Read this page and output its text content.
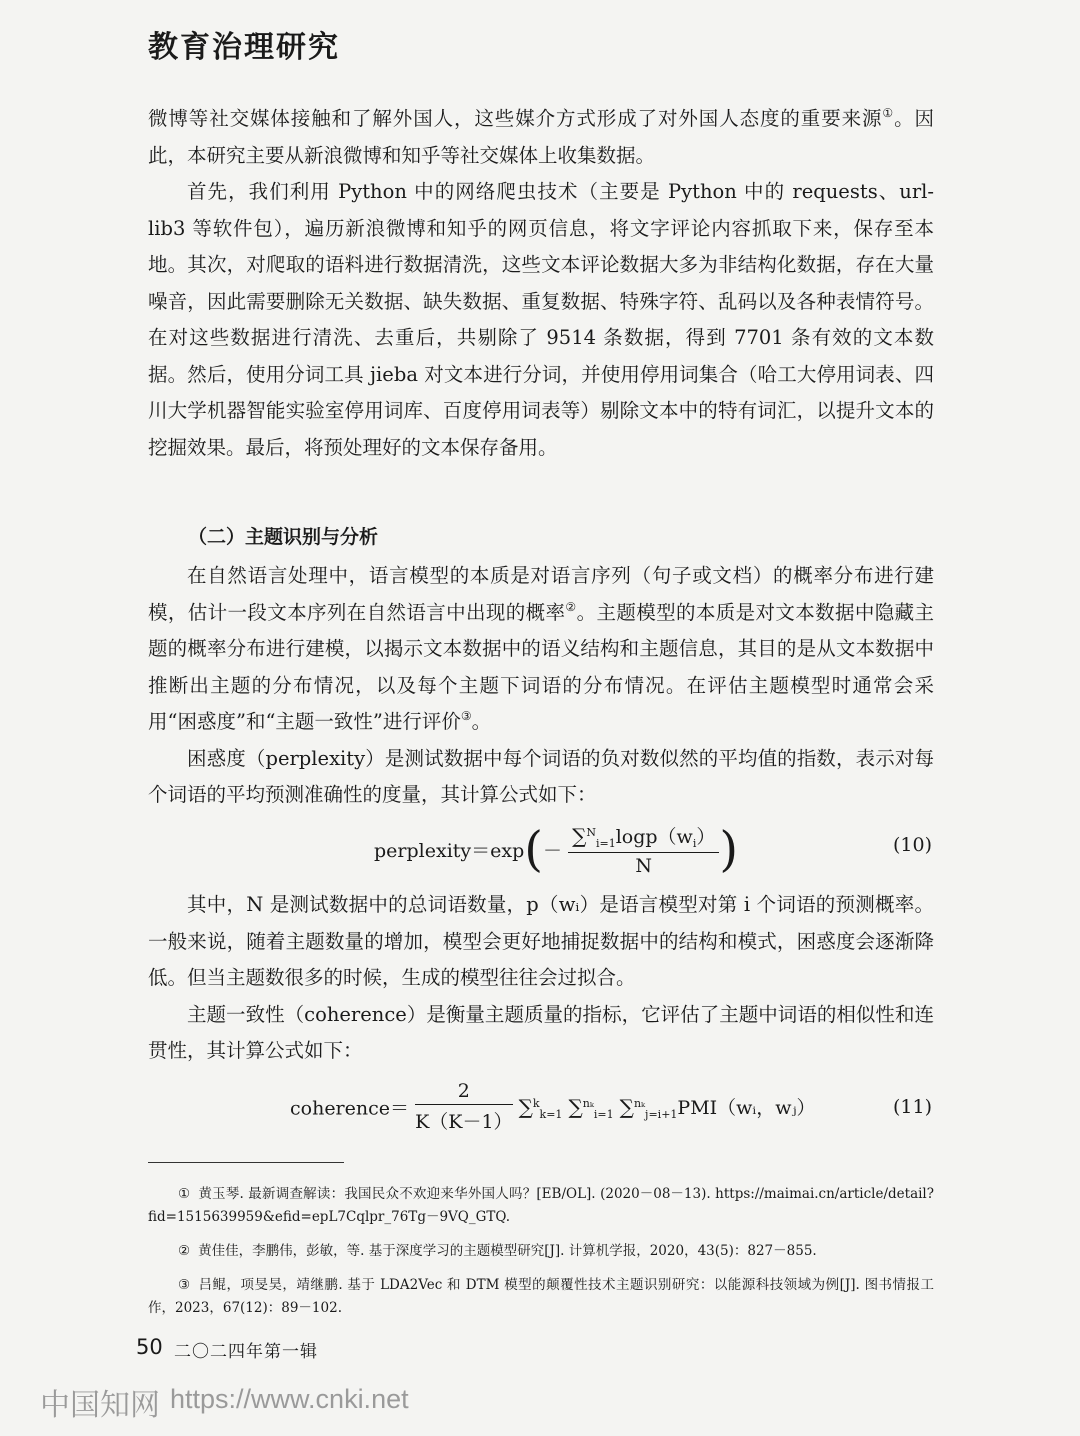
教育治理研究

微博等社交媒体接触和了解外国人，这些媒介方式形成了对外国人态度的重要来源①。因此，本研究主要从新浪微博和知乎等社交媒体上收集数据。

首先，我们利用 Python 中的网络爬虫技术（主要是 Python 中的 requests、url-lib3 等软件包），遍历新浪微博和知乎的网页信息，将文字评论内容抓取下来，保存至本地。其次，对爬取的语料进行数据清洗，这些文本评论数据大多为非结构化数据，存在大量噪音，因此需要删除无关数据、缺失数据、重复数据、特殊字符、乱码以及各种表情符号。在对这些数据进行清洗、去重后，共剔除了 9514 条数据，得到 7701 条有效的文本数据。然后，使用分词工具 jieba 对文本进行分词，并使用停用词集合（哈工大停用词表、四川大学机器智能实验室停用词库、百度停用词表等）剔除文本中的特有词汇，以提升文本的挖掘效果。最后，将预处理好的文本保存备用。

（二）主题识别与分析

在自然语言处理中，语言模型的本质是对语言序列（句子或文档）的概率分布进行建模，估计一段文本序列在自然语言中出现的概率②。主题模型的本质是对文本数据中隐藏主题的概率分布进行建模，以揭示文本数据中的语义结构和主题信息，其目的是从文本数据中推断出主题的分布情况，以及每个主题下词语的分布情况。在评估主题模型时通常会采用“困惑度”和“主题一致性”进行评价③。

困惑度（perplexity）是测试数据中每个词语的负对数似然的平均值的指数，表示对每个词语的平均预测准确性的度量，其计算公式如下：

perplexity＝exp(－ $\frac{\sum^N_{i=1}\log p(w_i)}{N}$ )	(10)

其中，N 是测试数据中的总词语数量，p（wᵢ）是语言模型对第 i 个词语的预测概率。一般来说，随着主题数量的增加，模型会更好地捕捉数据中的结构和模式，困惑度会逐渐降低。但当主题数很多的时候，生成的模型往往会过拟合。

主题一致性（coherence）是衡量主题质量的指标，它评估了主题中词语的相似性和连贯性，其计算公式如下：

coherence＝ $\frac{2}{K(K-1)} \sum^k_{k=1}$ ∑$^{n_k}_{i=1}$ ∑$^{n_k}_{j=i+1}$PMI（wᵢ，wⱼ）	(11)
① 黄玉琴. 最新调查解读：我国民众不欢迎来华外国人吗？[EB/OL]. (2020－08－13). https://maimai.cn/article/detail? fid=1515639959&efid=epL7Cqlpr_76Tg－9VQ_GTQ.
② 黄佳佳，李鹏伟，彭敏，等. 基于深度学习的主题模型研究[J]. 计算机学报，2020，43(5)：827－855.
③ 吕鲲，项旻昊，靖继鹏. 基于 LDA2Vec 和 DTM 模型的颠覆性技术主题识别研究：以能源科技领域为例[J]. 图书情报工作，2023，67(12)：89－102.
50 二〇二四年第一辑
中国知网 https://www.cnki.net
